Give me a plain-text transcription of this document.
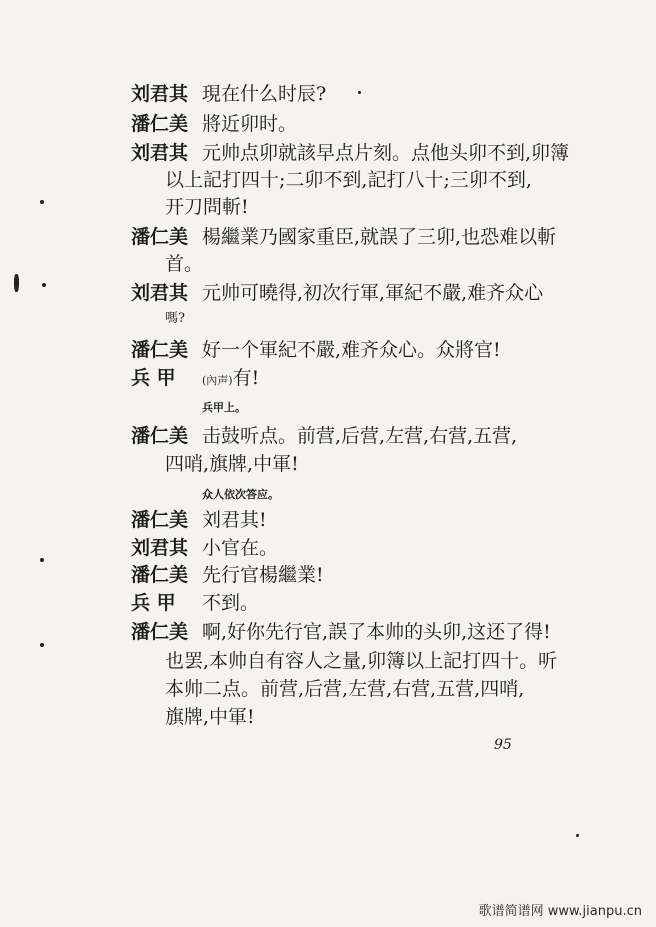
刘君其 現在什么时辰?
潘仁美 將近卯时。
刘君其 元帅点卯就該早点片刻。点他头卯不到,卯簿
以上記打四十;二卯不到,記打八十;三卯不到,
开刀問斬!
潘仁美 楊繼業乃國家重臣,就誤了三卯,也恐难以斬
首。
刘君其 元帅可曉得,初次行軍,軍紀不嚴,难齐众心
嗎?
潘仁美 好一个軍紀不嚴,难齐众心。众將官!
兵 甲 (內声)有!
兵甲上。
潘仁美 击鼓听点。前营,后营,左营,右营,五营,
四哨,旗牌,中軍!
众人依次答应。
潘仁美 刘君其!
刘君其 小官在。
潘仁美 先行官楊繼業!
兵 甲 不到。
潘仁美 啊,好你先行官,誤了本帅的头卯,这还了得!
也罢,本帅自有容人之量,卯簿以上記打四十。听
本帅二点。前营,后营,左营,右营,五营,四哨,
旗牌,中軍!
95
歌谱简谱网 www.jianpu.cn
